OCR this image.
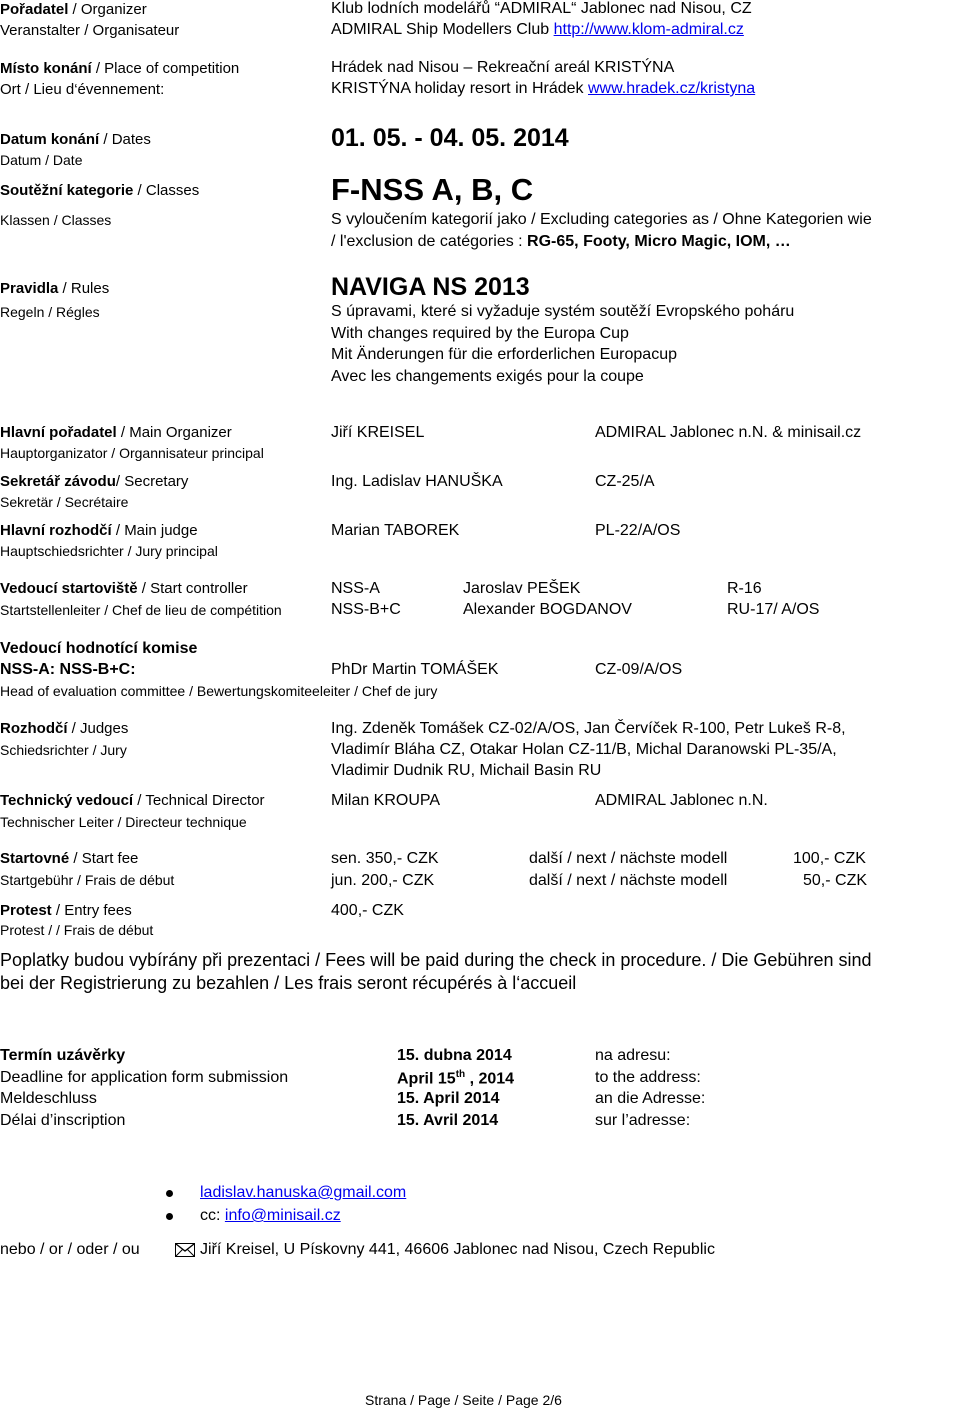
Pořadatel / Organizer
Veranstalter / Organisateur
Klub lodních modelářů “ADMIRAL“ Jablonec nad Nisou, CZ
ADMIRAL Ship Modellers Club http://www.klom-admiral.cz
Místo konání / Place of competition
Ort / Lieu d‘évennement:
Hrádek nad Nisou – Rekreační areál KRISTÝNA
KRISTÝNA holiday resort in Hrádek www.hradek.cz/kristyna
Datum konání / Dates
Datum / Date
01. 05. - 04. 05. 2014
Soutěžní kategorie / Classes
Klassen / Classes
F-NSS A, B, C
S vyloučením kategorií jako / Excluding categories as / Ohne Kategorien wie
/ l'exclusion de catégories : RG-65, Footy, Micro Magic, IOM, …
Pravidla / Rules
Regeln / Régles
NAVIGA NS 2013
S úpravami, které si vyžaduje systém soutěží Evropského poháru
With changes required by the Europa Cup
Mit Änderungen für die erforderlichen Europacup
Avec les changements exigés pour la coupe
Hlavní pořadatel / Main Organizer
Hauptorganizator / Organnisateur principal
Jiří KREISEL	ADMIRAL Jablonec n.N. & minisail.cz
Sekretář závodu/ Secretary
Sekretär / Secrétaire
Ing. Ladislav HANUŠKA	CZ-25/A
Hlavní rozhodčí / Main judge
Hauptschiedsrichter / Jury principal
Marian TABOREK	PL-22/A/OS
Vedoucí startoviště / Start controller
Startstellenleiter / Chef de lieu de compétition
NSS-A	Jaroslav PEŠEK	R-16
NSS-B+C	Alexander BOGDANOV	RU-17/ A/OS
Vedoucí hodnotící komise
NSS-A: NSS-B+C:	PhDr Martin TOMÁŠEK	CZ-09/A/OS
Head of evaluation committee / Bewertungskomiteeleiter / Chef de jury
Rozhodčí / Judges
Schiedsrichter / Jury
Ing. Zdeněk Tomášek CZ-02/A/OS, Jan Červíček R-100, Petr Lukeš R-8,
Vladimír Bláha CZ, Otakar Holan CZ-11/B, Michal Daranowski PL-35/A,
Vladimir Dudnik RU, Michail Basin RU
Technický vedoucí / Technical Director
Technischer Leiter / Directeur technique
Milan KROUPA	ADMIRAL Jablonec n.N.
Startovné / Start fee
Startgebühr / Frais de début
sen. 350,- CZK	další / next / nächste modell	100,- CZK
jun. 200,- CZK	další / next / nächste modell	50,- CZK
Protest / Entry fees
Protest / / Frais de début
400,- CZK
Poplatky budou vybírány při prezentaci / Fees will be paid during the check in procedure. / Die Gebühren sind
bei der Registrierung zu bezahlen / Les frais seront récupérés à l‘accueil
Termín uzávěrky	15. dubna 2014	na adresu:
Deadline for application form submission	April 15th , 2014	to the address:
Meldeschluss	15. April 2014	an die Adresse:
Délai d’inscription	15. Avril 2014	sur l’adresse:
ladislav.hanuska@gmail.com
cc: info@minisail.cz
nebo / or / oder / ou	Jiří Kreisel, U Pískovny 441, 46606 Jablonec nad Nisou, Czech Republic
Strana / Page / Seite / Page 2/6
